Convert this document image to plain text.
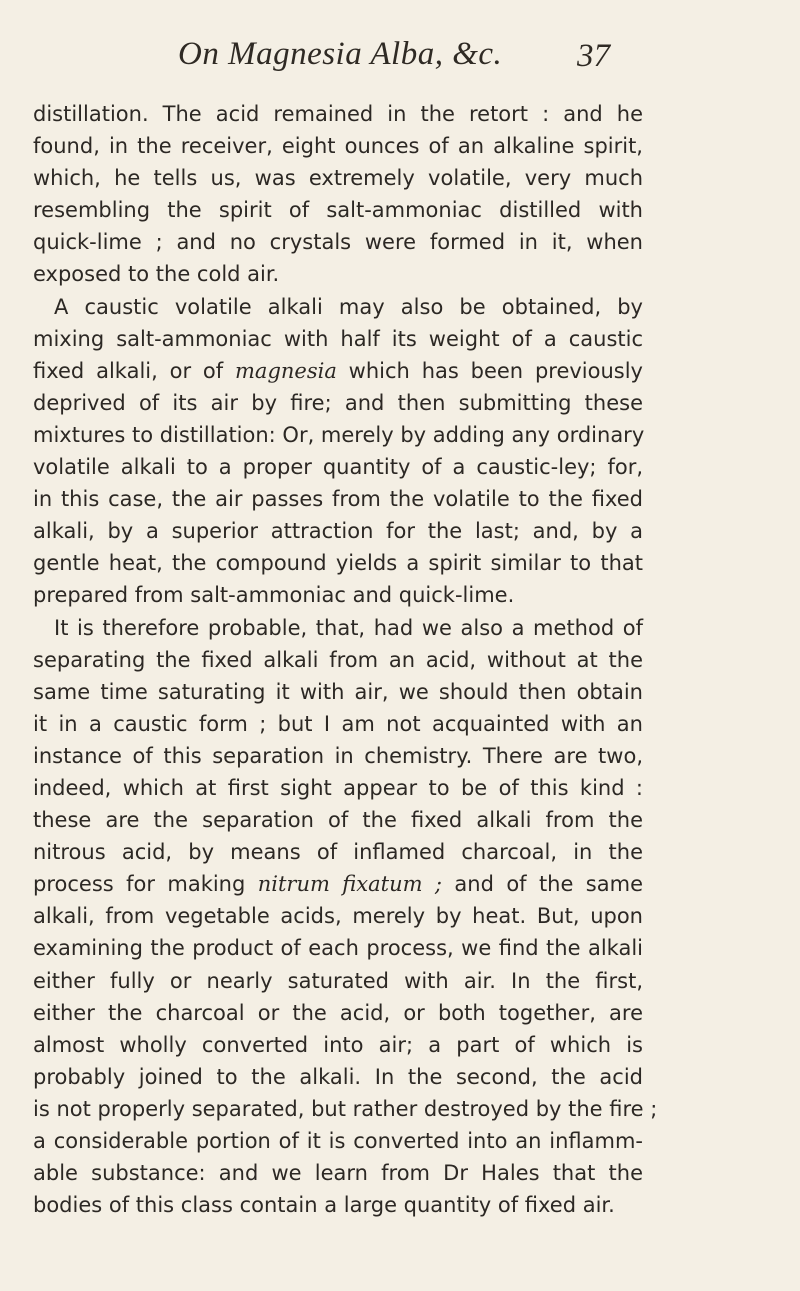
On Magnesia Alba, &c. 37
distillation. The acid remained in the retort : and he
found, in the receiver, eight ounces of an alkaline spirit,
which, he tells us, was extremely volatile, very much
resembling the spirit of salt-ammoniac distilled with
quick-lime ; and no crystals were formed in it, when
exposed to the cold air.
A caustic volatile alkali may also be obtained, by
mixing salt-ammoniac with half its weight of a caustic
fixed alkali, or of magnesia which has been previously
deprived of its air by fire; and then submitting these
mixtures to distillation: Or, merely by adding any ordinary
volatile alkali to a proper quantity of a caustic-ley; for,
in this case, the air passes from the volatile to the fixed
alkali, by a superior attraction for the last; and, by a
gentle heat, the compound yields a spirit similar to that
prepared from salt-ammoniac and quick-lime.
It is therefore probable, that, had we also a method of
separating the fixed alkali from an acid, without at the
same time saturating it with air, we should then obtain
it in a caustic form ; but I am not acquainted with an
instance of this separation in chemistry. There are two,
indeed, which at first sight appear to be of this kind :
these are the separation of the fixed alkali from the
nitrous acid, by means of inflamed charcoal, in the
process for making nitrum fixatum ; and of the same
alkali, from vegetable acids, merely by heat. But, upon
examining the product of each process, we find the alkali
either fully or nearly saturated with air. In the first,
either the charcoal or the acid, or both together, are
almost wholly converted into air; a part of which is
probably joined to the alkali. In the second, the acid
is not properly separated, but rather destroyed by the fire ;
a considerable portion of it is converted into an inflamm-
able substance: and we learn from Dr Hales that the
bodies of this class contain a large quantity of fixed air.
